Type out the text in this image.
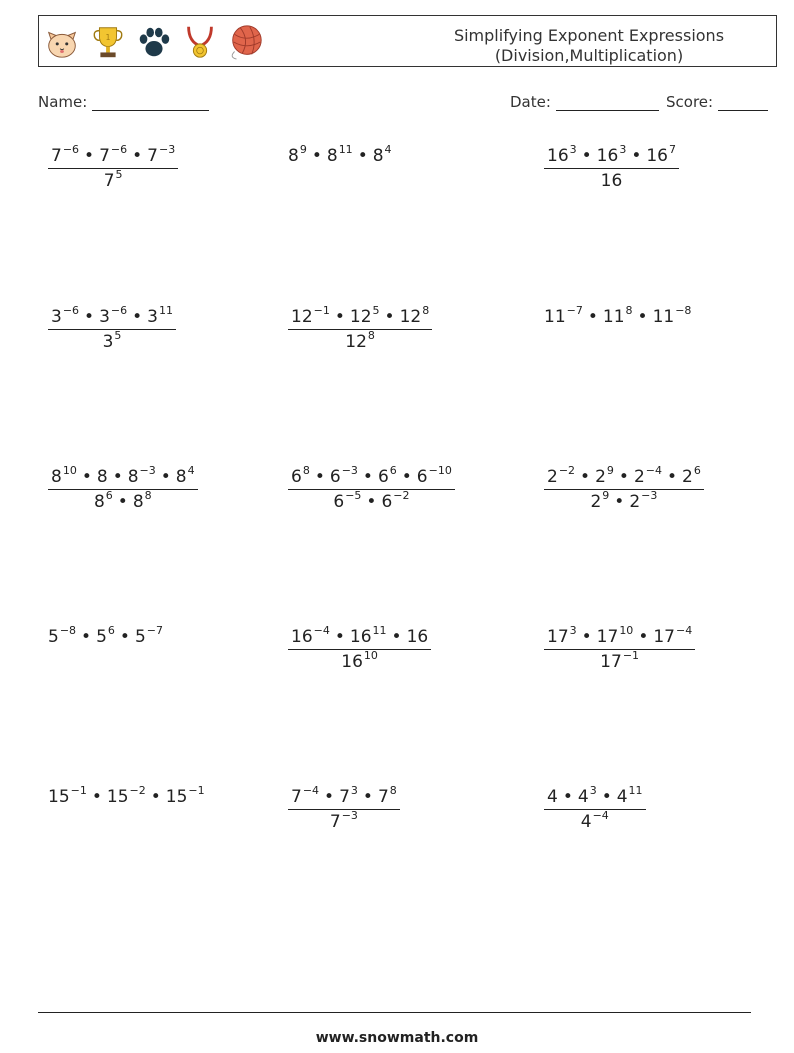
1	Simplifying Exponent Expressions
(Division,Multiplication)
Name:	Date:	Score:
$\frac{7^{-6} • 7^{-6} • 7^{-3}}{7^5}$	$8^9$ • $8^{11}$ • $8^4$	$\frac{16^3 • 16^3 • 16^7}{16}$
$\frac{3^{-6} • 3^{-6} • 3^{11}}{3^5}$	$\frac{12^{-1} • 12^5 • 12^8}{12^8}$	$11^{-7}$ • $11^8$ • $11^{-8}$
$\frac{8^{10} • 8 • 8^{-3} • 8^4}{8^6 • 8^8}$	$\frac{6^8 • 6^{-3} • 6^6 • 6^{-10}}{6^{-5} • 6^{-2}}$	$\frac{2^{-2} • 2^9 • 2^{-4} • 2^6}{2^9 • 2^{-3}}$
$5^{-8}$ • $5^6$ • $5^{-7}$	$\frac{16^{-4} • 16^{11} • 16}{16^{10}}$	$\frac{17^3 • 17^{10} • 17^{-4}}{17^{-1}}$
$15^{-1}$ • $15^{-2}$ • $15^{-1}$	$\frac{7^{-4} • 7^3 • 7^8}{7^{-3}}$	$\frac{4 • 4^3 • 4^{11}}{4^{-4}}$
www.snowmath.com
